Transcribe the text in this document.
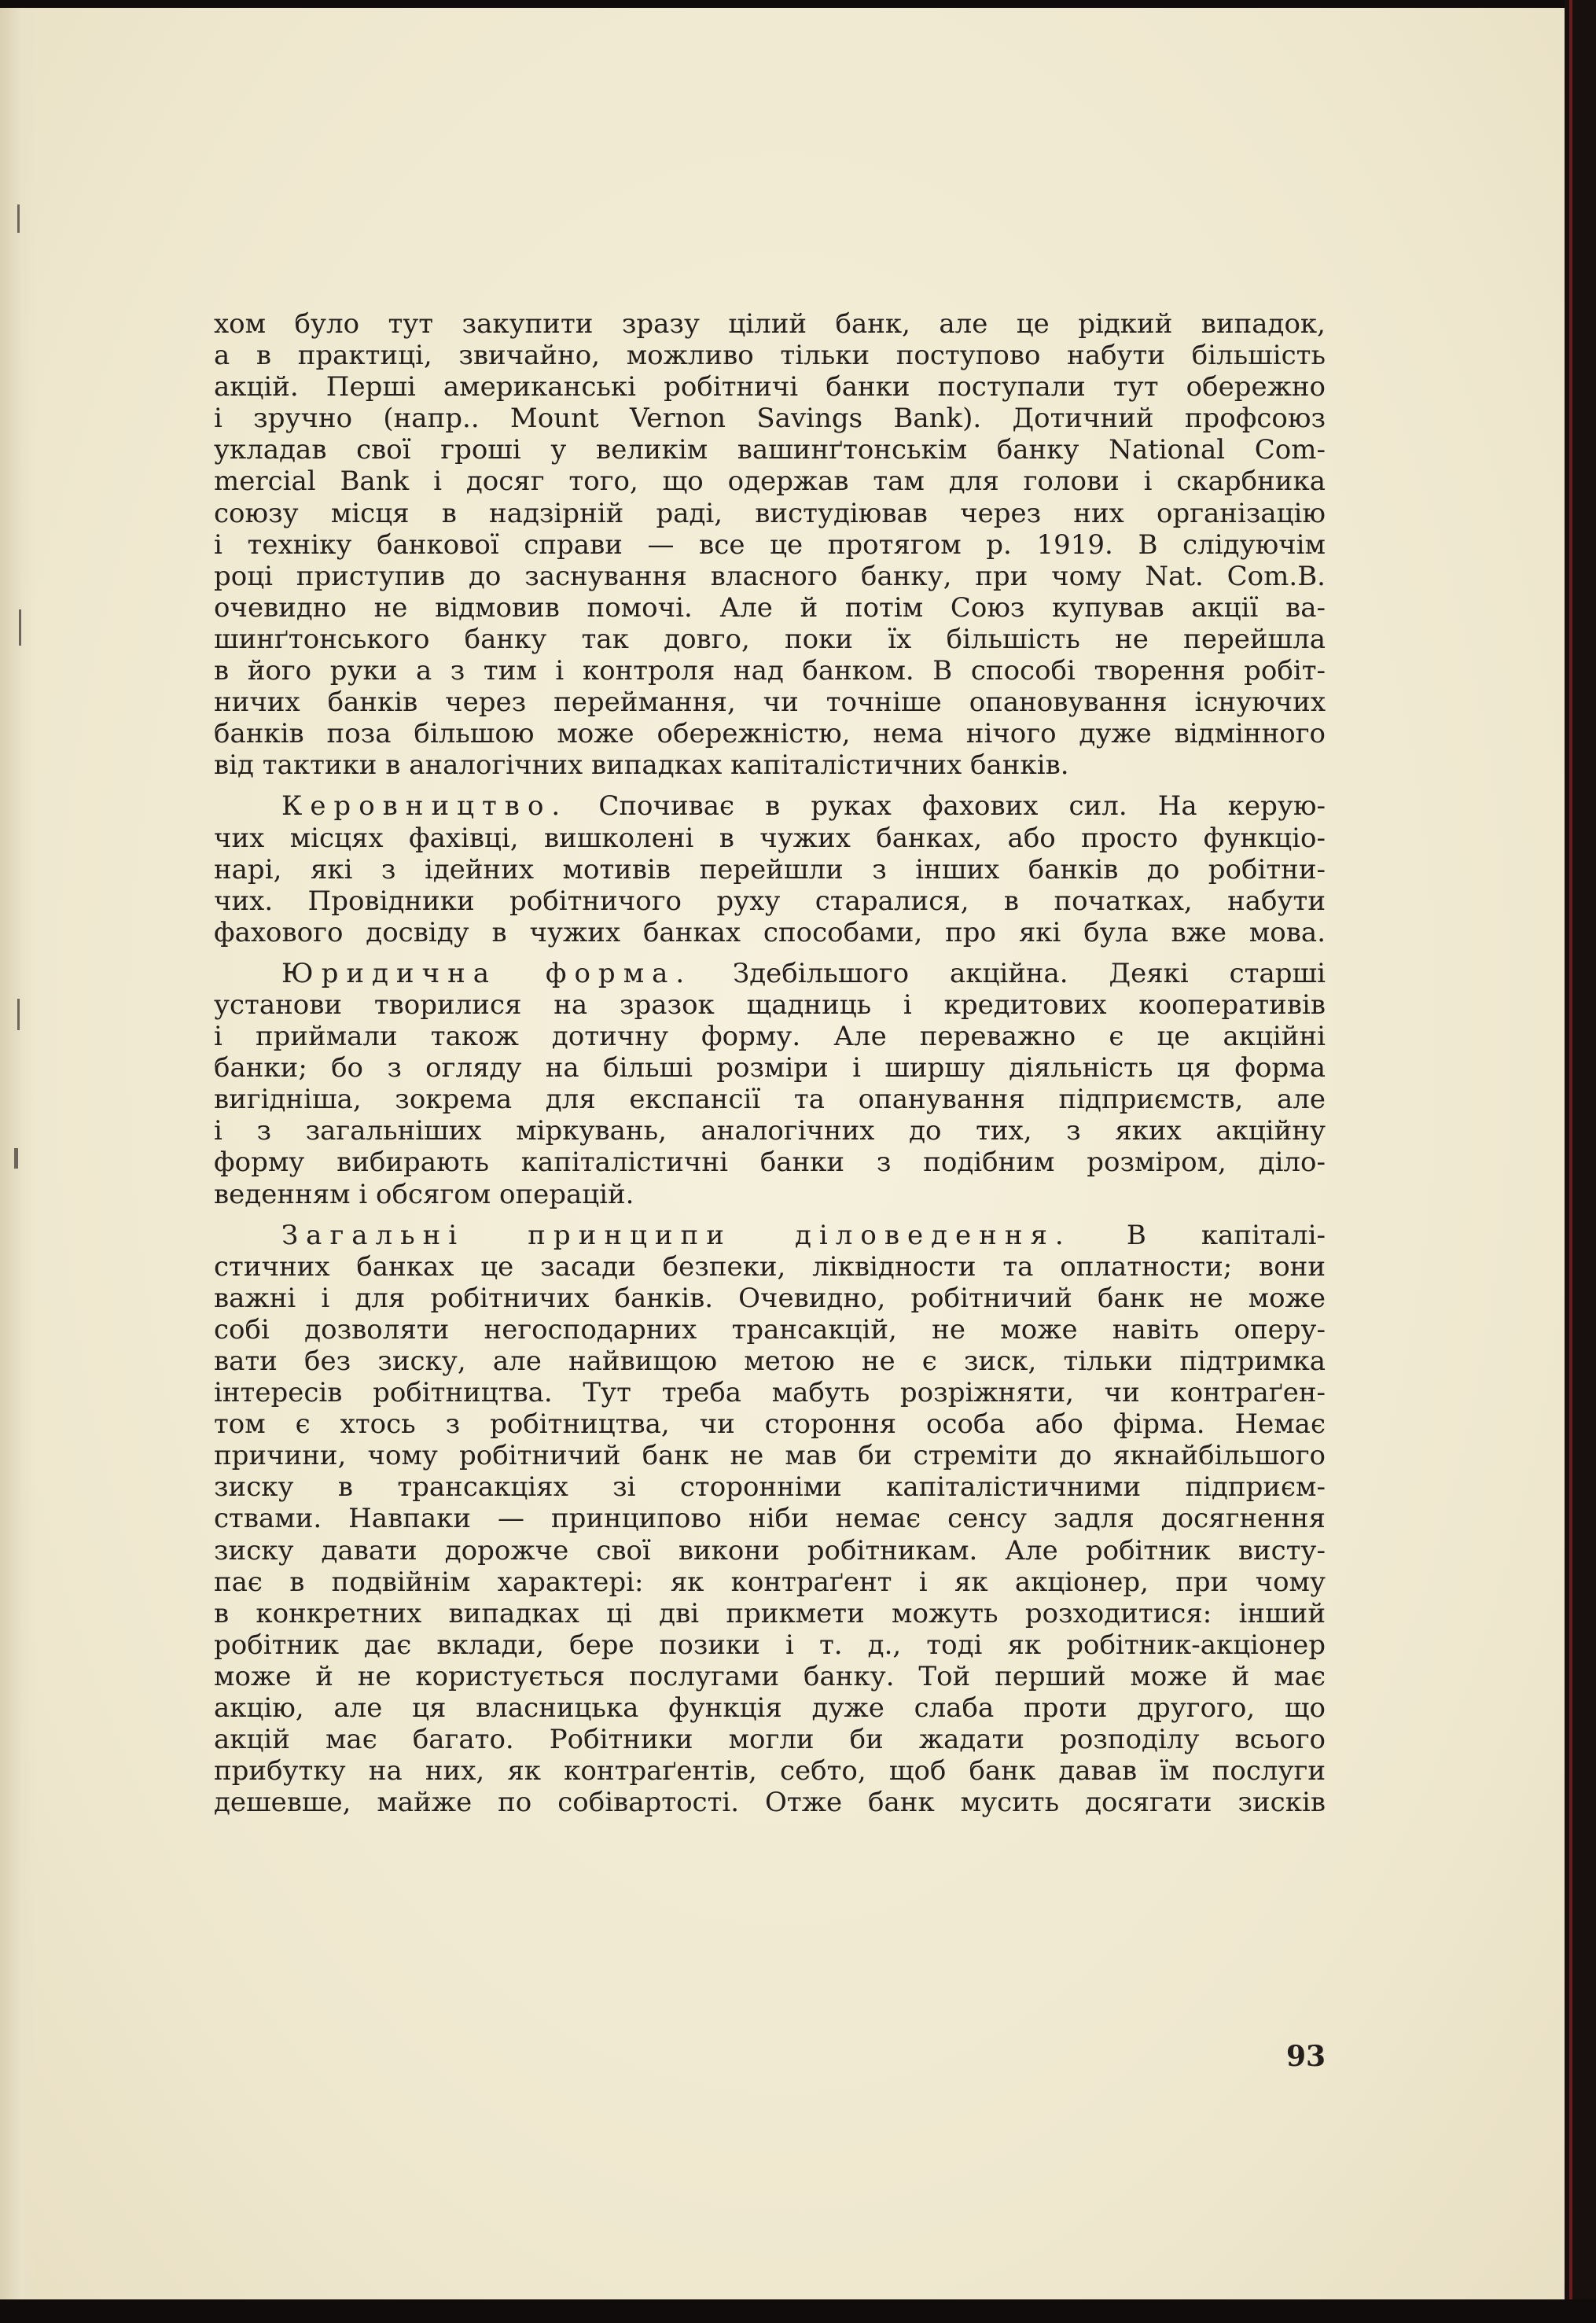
хом було тут закупити зразу цілий банк, але це рідкий випадок,
а в практиці, звичайно, можливо тільки поступово набути більшість
акцій. Перші американські робітничі банки поступали тут обережно
і зручно (напр.. Mount Vernon Savings Bank). Дотичний профсоюз
укладав свої гроші у великім вашинґтонськім банку National Com-
mercial Bank і досяг того, що одержав там для голови і скарбника
союзу місця в надзірній раді, вистудіював через них організацію
і техніку банкової справи — все це протягом р. 1919. В слідуючім
році приступив до заснування власного банку, при чому Nat. Com.B.
очевидно не відмовив помочі. Але й потім Союз купував акції ва-
шинґтонського банку так довго, поки їх більшість не перейшла
в його руки а з тим і контроля над банком. В способі творення робіт-
ничих банків через переймання, чи точніше опановування існуючих
банків поза більшою може обережністю, нема нічого дуже відмінного
від тактики в аналогічних випадках капіталістичних банків.
Керовництво. Спочиває в руках фахових сил. На керую-
чих місцях фахівці, вишколені в чужих банках, або просто функціо-
нарі, які з ідейних мотивів перейшли з інших банків до робітни-
чих. Провідники робітничого руху старалися, в початках, набути
фахового досвіду в чужих банках способами, про які була вже мова.
Юридична форма. Здебільшого акційна. Деякі старші
установи творилися на зразок щадниць і кредитових кооперативів
і приймали також дотичну форму. Але переважно є це акційні
банки; бо з огляду на більші розміри і ширшу діяльність ця форма
вигідніша, зокрема для експансії та опанування підприємств, але
і з загальніших міркувань, аналогічних до тих, з яких акційну
форму вибирають капіталістичні банки з подібним розміром, діло-
веденням і обсягом операцій.
Загальні принципи діловедення. В капіталі-
стичних банках це засади безпеки, ліквідности та оплатности; вони
важні і для робітничих банків. Очевидно, робітничий банк не може
собі дозволяти негосподарних трансакцій, не може навіть оперу-
вати без зиску, але найвищою метою не є зиск, тільки підтримка
інтересів робітництва. Тут треба мабуть розріжняти, чи контраґен-
том є хтось з робітництва, чи стороння особа або фірма. Немає
причини, чому робітничий банк не мав би стреміти до якнайбільшого
зиску в трансакціях зі сторонніми капіталістичними підприєм-
ствами. Навпаки — принципово ніби немає сенсу задля досягнення
зиску давати дорожче свої викони робітникам. Але робітник висту-
пає в подвійнім характері: як контраґент і як акціонер, при чому
в конкретних випадках ці дві прикмети можуть розходитися: інший
робітник дає вклади, бере позики і т. д., тоді як робітник-акціонер
може й не користується послугами банку. Той перший може й має
акцію, але ця власницька функція дуже слаба проти другого, що
акцій має багато. Робітники могли би жадати розподілу всього
прибутку на них, як контраґентів, себто, щоб банк давав їм послуги
дешевше, майже по собівартості. Отже банк мусить досягати зисків
93
